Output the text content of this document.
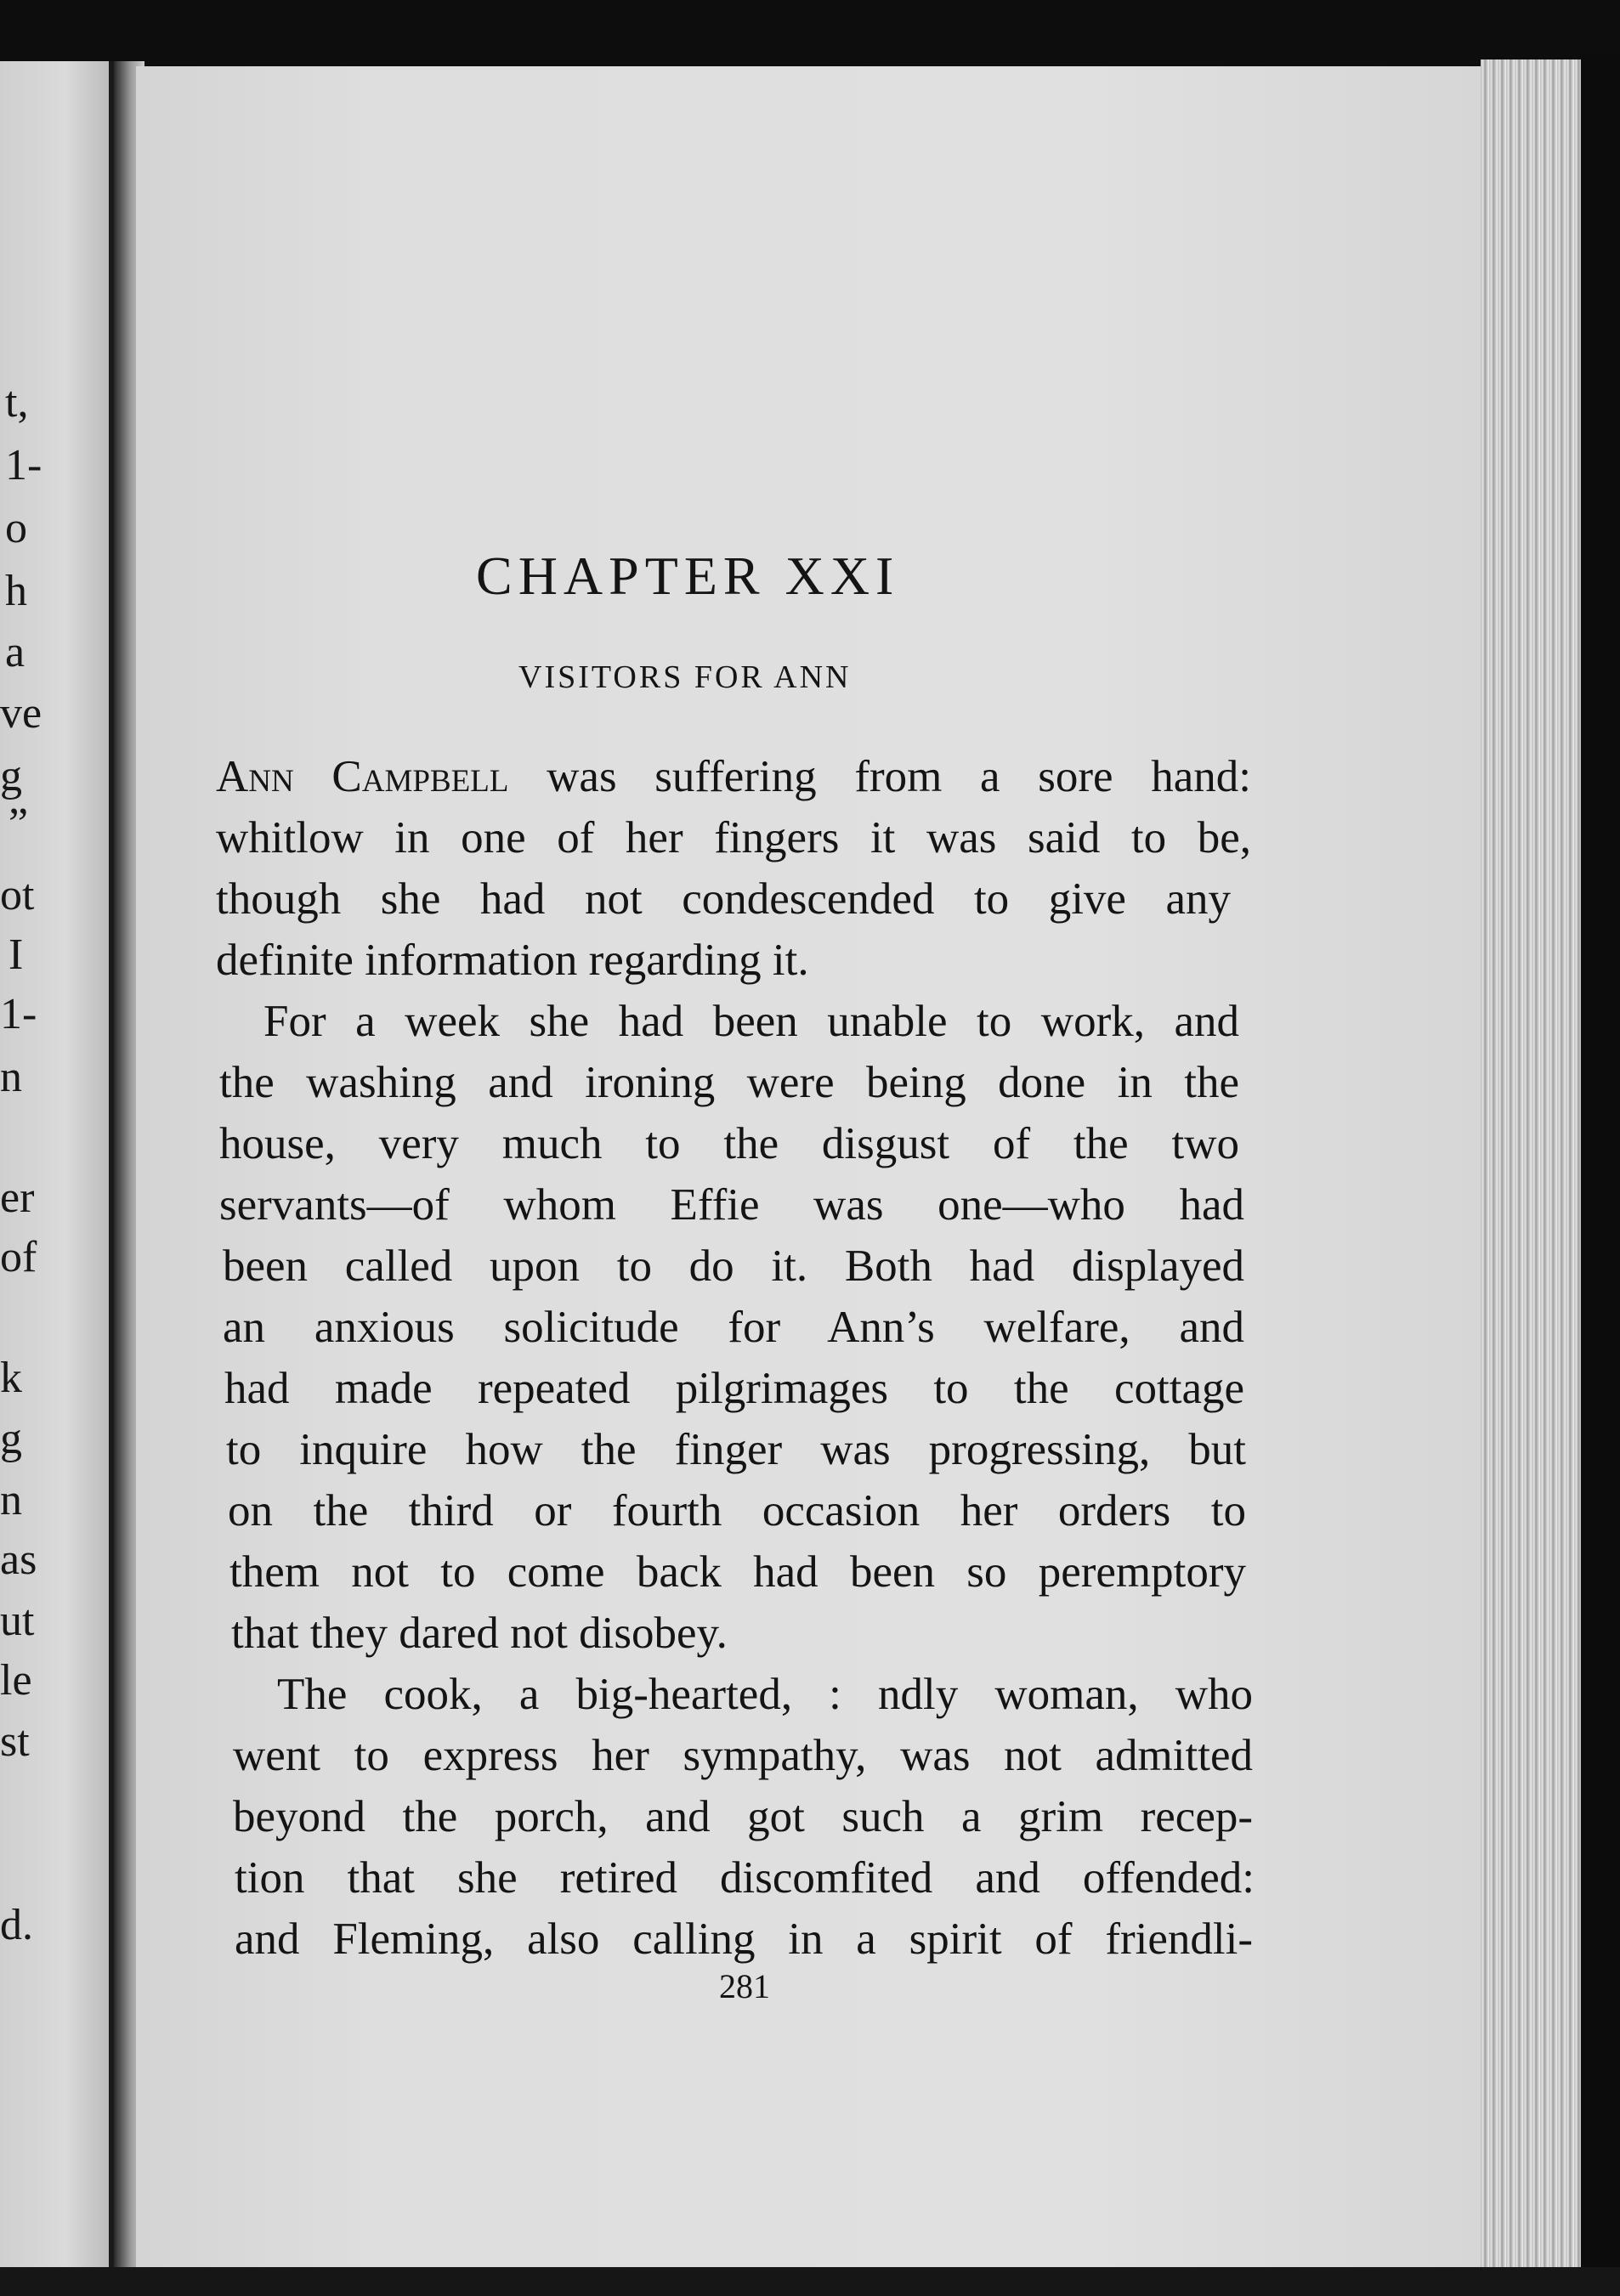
t,
1-
o
h
a
ve
g
”
ot
I
1-
n
er
of
k
g
n
as
ut
le
st
d.
CHAPTER XXI
VISITORS FOR ANN
Ann Campbell was suffering from a sore hand:
whitlow in one of her fingers it was said to be,
though she had not condescended to give any
definite information regarding it.
For a week she had been unable to work, and
the washing and ironing were being done in the
house, very much to the disgust of the two
servants—of whom Effie was one—who had
been called upon to do it. Both had displayed
an anxious solicitude for Ann’s welfare, and
had made repeated pilgrimages to the cottage
to inquire how the finger was progressing, but
on the third or fourth occasion her orders to
them not to come back had been so peremptory
that they dared not disobey.
The cook, a big-hearted, : ndly woman, who
went to express her sympathy, was not admitted
beyond the porch, and got such a grim recep-
tion that she retired discomfited and offended:
and Fleming, also calling in a spirit of friendli-
281
